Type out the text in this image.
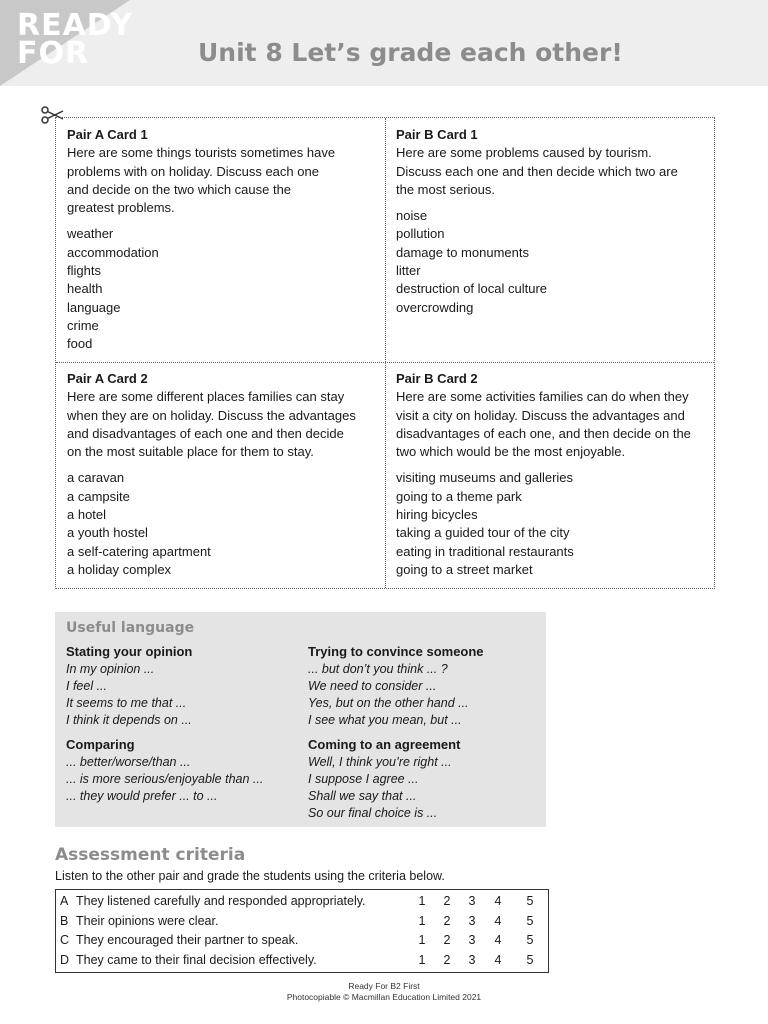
READY
FOR	Unit 8 Let’s grade each other!
Pair A Card 1
Here are some things tourists sometimes have
problems with on holiday. Discuss each one
and decide on the two which cause the
greatest problems.
weather
accommodation
flights
health
language
crime
food
Pair B Card 1
Here are some problems caused by tourism.
Discuss each one and then decide which two are
the most serious.
noise
pollution
damage to monuments
litter
destruction of local culture
overcrowding
Pair A Card 2
Here are some different places families can stay
when they are on holiday. Discuss the advantages
and disadvantages of each one and then decide
on the most suitable place for them to stay.
a caravan
a campsite
a hotel
a youth hostel
a self-catering apartment
a holiday complex
Pair B Card 2
Here are some activities families can do when they
visit a city on holiday. Discuss the advantages and
disadvantages of each one, and then decide on the
two which would be the most enjoyable.
visiting museums and galleries
going to a theme park
hiring bicycles
taking a guided tour of the city
eating in traditional restaurants
going to a street market
Useful language
Stating your opinion
In my opinion ...
I feel ...
It seems to me that ...
I think it depends on ...
Comparing
... better/worse/than ...
... is more serious/enjoyable than ...
... they would prefer ... to ...
Trying to convince someone
... but don’t you think ... ?
We need to consider ...
Yes, but on the other hand ...
I see what you mean, but ...
Coming to an agreement
Well, I think you’re right ...
I suppose I agree ...
Shall we say that ...
So our final choice is ...
Assessment criteria
Listen to the other pair and grade the students using the criteria below.
A They listened carefully and responded appropriately.	1 2 3 4 5
B Their opinions were clear.	1 2 3 4 5
C They encouraged their partner to speak.	1 2 3 4 5
D They came to their final decision effectively.	1 2 3 4 5
Ready For B2 First
Photocopiable © Macmillan Education Limited 2021
